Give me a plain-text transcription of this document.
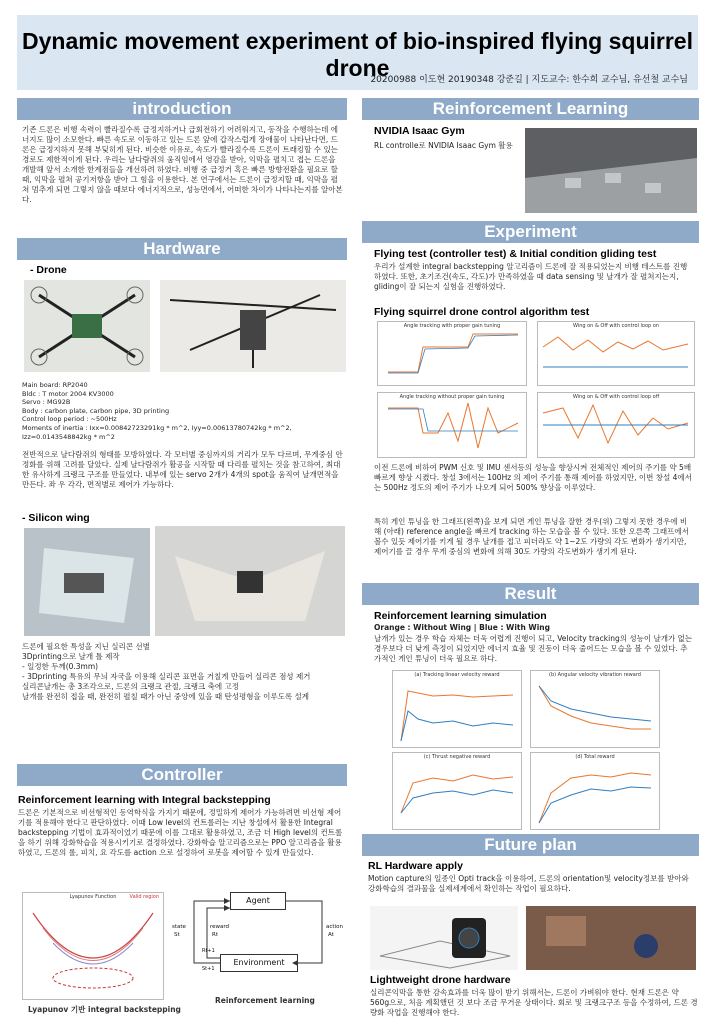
Dynamic movement experiment of bio-inspired flying squirrel drone
20200988 이도현 20190348 강준길 | 지도교수: 한수희 교수님, 유선철 교수님
introduction
기존 드론은 비행 속력이 빨라질수록 급정지하거나 급회전하기 어려워지고, 동작을 수행하는데 에너지도 많이 소모한다. 빠른 속도로 이동하고 있는 드론 앞에 갑작스럽게 장애물이 나타난다면, 드론은 급정지하지 못해 부딪히게 된다. 비슷한 이유로, 속도가 빨라질수록 드론이 트래킹할 수 있는 경로도 제한적이게 된다. 우리는 날다람쥐의 움직임에서 영감을 받아, 익막을 펼치고 접는 드론을 개발해 앞서 소개한 한계점들을 개선하려 하였다. 비행 중 급정거 혹은 빠른 방향전환을 필요로 할 때, 익막을 펼쳐 공기저항을 받아 그 힘을 이용한다. 본 연구에서는 드론이 급정지할 때, 익막을 펼쳐 멈추게 되면 그렇지 않을 때보다 에너지적으로, 성능면에서, 어떠한 차이가 나타나는지를 알아본다.
Hardware
- Drone
Main board: RP2040
Bldc : T motor 2004 KV3000
Servo : MG92B
Body : carbon plate, carbon pipe, 3D printing
Control loop period : ~500Hz
Moments of inertia : Ixx=0.00842723291kg * m^2, Iyy=0.00613780742kg * m^2,
Izz=0.0143548842kg * m^2
전반적으로 날다람쥐의 형태를 모방하였다. 각 모터별 중심까지의 거리가 모두 다르며, 무게중심 안정화를 위해 고려를 달았다. 실제 날다람쥐가 활공을 시작할 때 다리를 펼치는 것을 참고하여, 최대한 유사하게 크랭크 구조를 만들었다. 내부에 있는 servo 2개가 4개의 spot을 움직여 날개면적을 만든다. 좌 우 각각, 면적별로 제어가 가능하다.
- Silicon wing
드론에 필요한 특성을 지닌 실리콘 선별
3Dprinting으로 날개 틀 제작
- 일정한 두께(0.3mm)
- 3Dprinting 특유의 무늬 자국을 이용해 실리콘 표면을 거칠게 만들어 실리콘 점성 제거
실리콘날개는 총 3조각으로, 드론의 크랭크 관절, 크랭크 축에 고정
날개를 완전히 접을 때, 완전히 펼칠 때가 아닌 중앙에 있을 때 탄성평형을 이루도록 설계
Controller
Reinforcement learning with Integral backstepping
드론은 기본적으로 비선형적인 동역학식을 가지기 때문에, 정밀하게 제어가 가능하려면 비선형 제어기를 적용해야 한다고 판단하였다. 이때 Low level의 컨트롤러는 지난 창설에서 활용한 Integral backstepping 기법이 효과적이었기 때문에 이를 그대로 활용하였고, 조금 더 High level의 컨트롤을 하기 위해 강화학습을 적용시키기로 결정하였다. 강화학습 알고리즘으로는 PPO 알고리즘을 활용하였고, 드론의 롤, 피치, 요 각도를 action 으로 설정하여 로봇을 제어할 수 있게 만들었다.
Lyapunov Function	Valid region
Lyapunov 기반 integral backstepping
Agent
Environment
state
St
reward
Rt
action
At
Rt+1
St+1
Reinforcement learning
Reinforcement Learning
NVIDIA Isaac Gym
RL controlle로 NVIDIA Isaac Gym 활용
Experiment
Flying test (controller test) & Initial condition gliding test
우리가 설계한 integral backstepping 알고리즘이 드론에 잘 적용되었는지 비행 테스트를 진행하였다. 또한, 초기조건(속도, 각도)가 만족하였을 때 data sensing 및 날개가 잘 펼쳐지는지, gliding이 잘 되는지 실험을 진행하였다.
Flying squirrel drone control algorithm test
Angle tracking with proper gain tuning	Wing on & Off with control loop on
Angle tracking without proper gain tuning	Wing on & Off with control loop off
이전 드론에 비하여 PWM 신호 및 IMU 센서등의 성능을 향상시켜 전체적인 제어의 주기를 약 5배 빠르게 향상 시켰다. 창설 3에서는 100Hz 의 제어 주기를 통해 제어를 하였지만, 이번 창설 4에서는 500Hz 정도의 제어 주기가 나오게 되어 500% 향상을 이루었다.
특히 게인 튜닝을 한 그래프(왼쪽)을 보게 되면 게인 튜닝을 잘한 경우(위) 그렇지 못한 경우에 비해 (아래) reference angle을 빠르게 tracking 하는 모습을 볼 수 있다. 또한 오른쪽 그래프에서 볼수 있듯 제어기를 키게 될 경우 날개를 접고 피더라도 약 1~2도 가량의 각도 변화가 생기지만, 제어기를 끌 경우 무게 중심의 변화에 의해 30도 가량의 각도변화가 생기게 된다.
Result
Reinforcement learning simulation
Orange : Without Wing | Blue : With Wing
날개가 있는 경우 학습 자체는 더욱 어렵게 진행이 되고, Velocity tracking의 성능이 날개가 없는 경우보다 더 낮게 측정이 되었지만 에너지 효율 및 진동이 더욱 줄어드는 모습을 볼 수 있었다. 추가적인 게인 튜닝이 더욱 필요로 하다.
(a) Tracking linear velocity reward	(b) Angular velocity vibration reward
(c) Thrust negative reward	(d) Total reward
Future plan
RL Hardware apply
Motion capture의 일종인 Opti track을 이용하여, 드론의 orientation및 velocity정보를 받아와 강화학습의 결과물을 실제세계에서 확인하는 작업이 필요하다.
Lightweight drone hardware
실리콘익막을 통한 감속효과를 더욱 많이 받기 위해서는, 드론이 가벼워야 한다. 현재 드론은 약 560g으로, 처음 계획했던 것 보다 조금 무거운 상태이다. 회로 및 크랭크구조 등을 수정하여, 드론 경량화 작업을 진행해야 한다.
